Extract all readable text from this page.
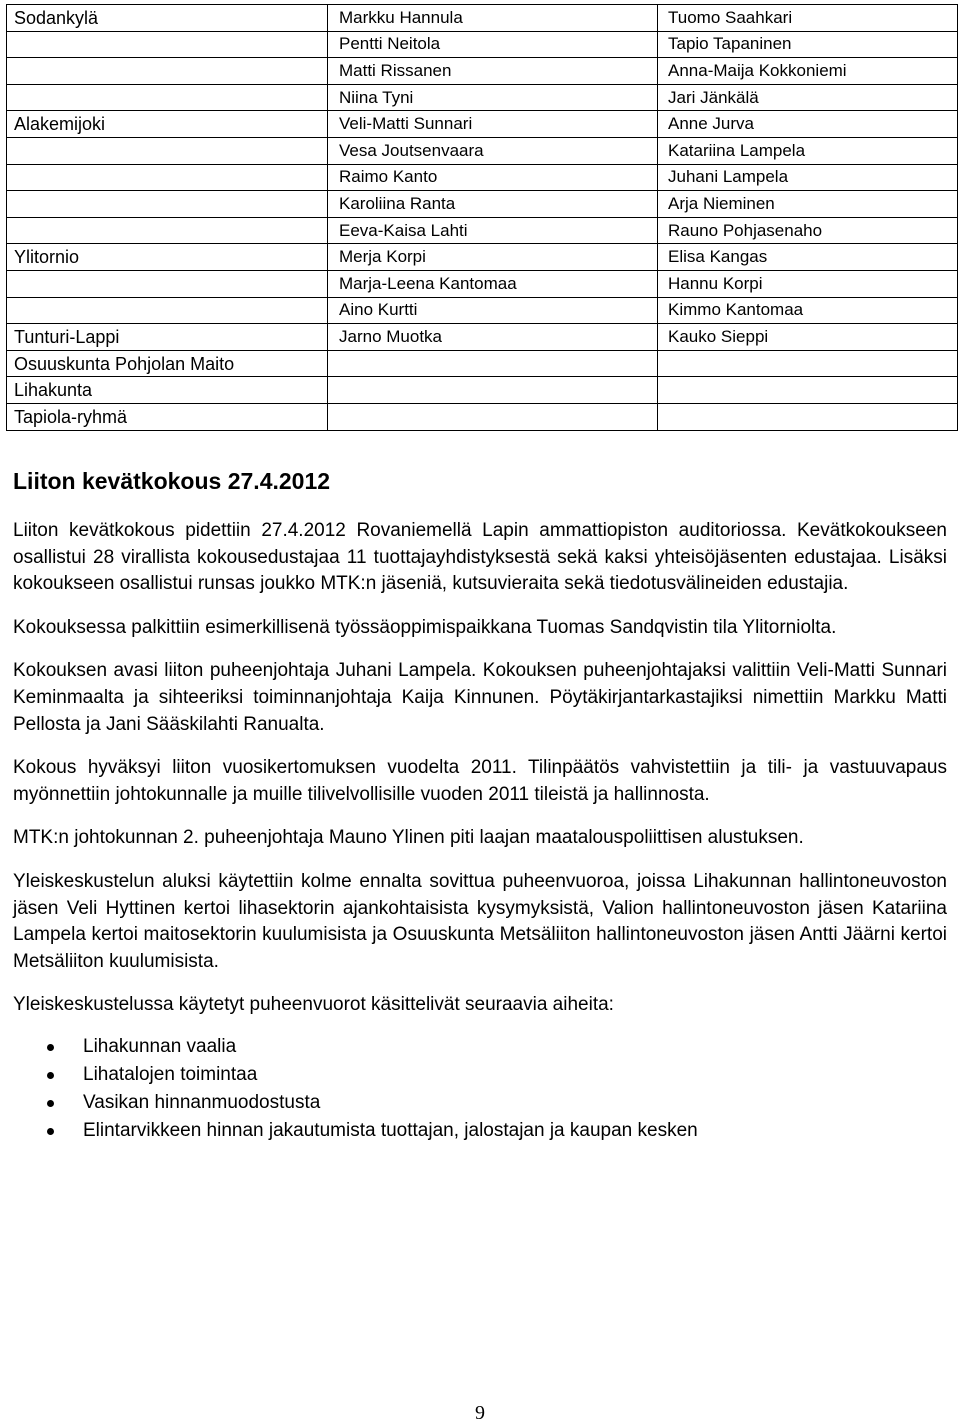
Sodankylä	Markku Hannula	Tuomo Saahkari
	Pentti Neitola	Tapio Tapaninen
	Matti Rissanen	Anna-Maija Kokkoniemi
	Niina Tyni	Jari Jänkälä
Alakemijoki	Veli-Matti Sunnari	Anne Jurva
	Vesa Joutsenvaara	Katariina Lampela
	Raimo Kanto	Juhani Lampela
	Karoliina Ranta	Arja Nieminen
	Eeva-Kaisa Lahti	Rauno Pohjasenaho
Ylitornio	Merja Korpi	Elisa Kangas
	Marja-Leena Kantomaa	Hannu Korpi
	Aino Kurtti	Kimmo Kantomaa
Tunturi-Lappi	Jarno Muotka	Kauko Sieppi
Osuuskunta Pohjolan Maito		
Lihakunta		
Tapiola-ryhmä		
Liiton kevätkokous 27.4.2012

Liiton kevätkokous pidettiin 27.4.2012 Rovaniemellä Lapin ammattiopiston auditoriossa. Kevätkokoukseen osallistui 28 virallista kokousedustajaa 11 tuottajayhdistyksestä sekä kaksi yhteisöjäsenten edustajaa. Lisäksi kokoukseen osallistui runsas joukko MTK:n jäseniä, kutsuvieraita sekä tiedotusvälineiden edustajia.

Kokouksessa palkittiin esimerkillisenä työssäoppimispaikkana Tuomas Sandqvistin tila Ylitorniolta.

Kokouksen avasi liiton puheenjohtaja Juhani Lampela. Kokouksen puheenjohtajaksi valittiin Veli-Matti Sunnari Keminmaalta ja sihteeriksi toiminnanjohtaja Kaija Kinnunen. Pöytäkirjantarkastajiksi nimettiin Markku Matti Pellosta ja Jani Sääskilahti Ranualta.

Kokous hyväksyi liiton vuosikertomuksen vuodelta 2011. Tilinpäätös vahvistettiin ja tili- ja vastuuvapaus myönnettiin johtokunnalle ja muille tilivelvollisille vuoden 2011 tileistä ja hallinnosta.

MTK:n johtokunnan 2. puheenjohtaja Mauno Ylinen piti laajan maatalouspoliittisen alustuksen.

Yleiskeskustelun aluksi käytettiin kolme ennalta sovittua puheenvuoroa, joissa Lihakunnan hallintoneuvoston jäsen Veli Hyttinen kertoi lihasektorin ajankohtaisista kysymyksistä, Valion hallintoneuvoston jäsen Katariina Lampela kertoi maitosektorin kuulumisista ja Osuuskunta Metsäliiton hallintoneuvoston jäsen Antti Jäärni kertoi Metsäliiton kuulumisista.

Yleiskeskustelussa käytetyt puheenvuorot käsittelivät seuraavia aiheita:

Lihakunnan vaalia
Lihatalojen toimintaa
Vasikan hinnanmuodostusta
Elintarvikkeen hinnan jakautumista tuottajan, jalostajan ja kaupan kesken
9
